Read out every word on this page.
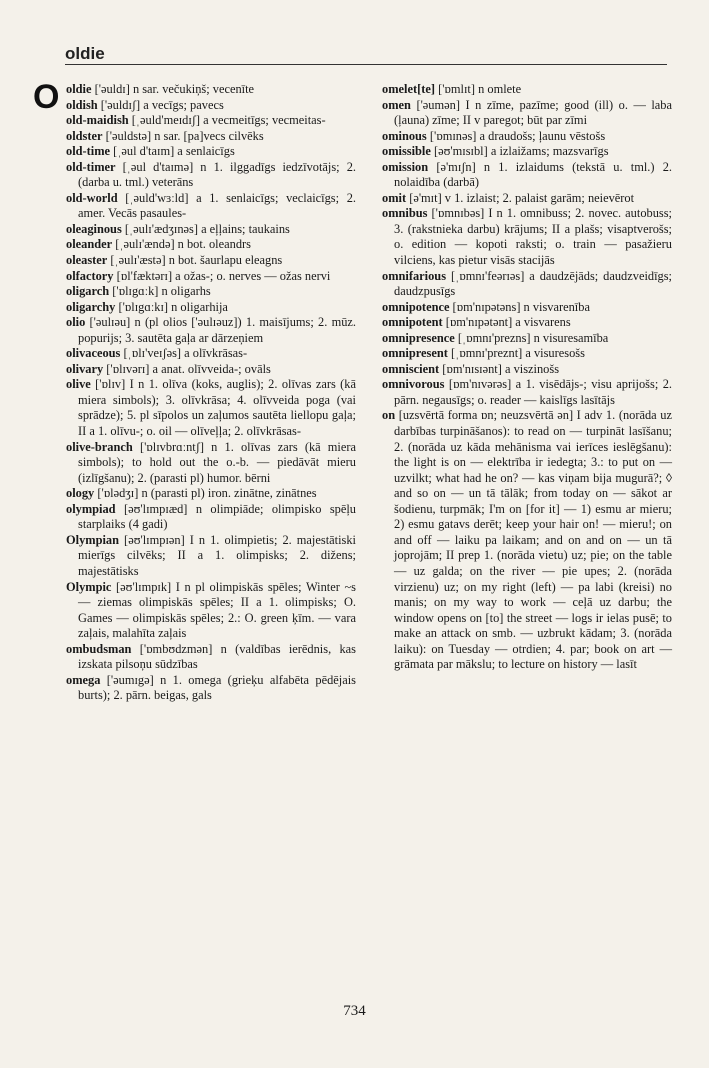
oldie
O oldie ['əuldɪ] n sar. večukiņš; vecenīte

oldish ['əuldɪʃ] a vecīgs; pavecs

old-maidish [ˌəuld'meɪdɪʃ] a vecmeitīgs; vecmeitas-

oldster ['əuldstə] n sar. [pa]vecs cilvēks

old-time [ˌəul d'taɪm] a senlaicīgs

old-timer [ˌəul d'taɪmə] n 1. ilggadīgs iedzīvotājs; 2. (darba u. tml.) veterāns

old-world [ˌəuld'wɜːld] a 1. senlaicīgs; veclaicīgs; 2. amer. Vecās pasaules-

oleaginous [ˌəulɪ'ædʒɪnəs] a eļļains; taukains

oleander [ˌəulɪ'ændə] n bot. oleandrs

oleaster [ˌəulɪ'æstə] n bot. šaurlapu eleagns

olfactory [ɒl'fæktərɪ] a ožas-; o. nerves — ožas nervi

oligarch ['ɒlɪgɑːk] n oligarhs

oligarchy ['ɒlɪgɑːkɪ] n oligarhija

olio ['əulɪəu] n (pl olios ['əulɪəuz]) 1. maisījums; 2. mūz. popurijs; 3. sautēta gaļa ar dārzeņiem

olivaceous [ˌɒlɪ'veɪʃəs] a olīvkrāsas-

olivary ['ɒlɪvərɪ] a anat. olīvveida-; ovāls

olive ['ɒlɪv] I n 1. olīva (koks, auglis); 2. olīvas zars (kā miera simbols); 3. olīvkrāsa; 4. olīvveida poga (vai sprādze); 5. pl sīpolos un zaļumos sautēta liellopu gaļa; II a 1. olīvu-; o. oil — olīveļļa; 2. olīvkrāsas-

olive-branch ['ɒlɪvbrɑːntʃ] n 1. olīvas zars (kā miera simbols); to hold out the o.-b. — piedāvāt mieru (izlīgšanu); 2. (parasti pl) humor. bērni

ology ['ɒlədʒɪ] n (parasti pl) iron. zinātne, zinātnes

olympiad [əʊ'lɪmpɪæd] n olimpiāde; olimpisko spēļu starplaiks (4 gadi)

Olympian [əʊ'lɪmpɪən] I n 1. olimpietis; 2. majestātiski mierīgs cilvēks; II a 1. olimpisks; 2. dižens; majestātisks

Olympic [əʊ'lɪmpɪk] I n pl olimpiskās spēles; Winter ~s — ziemas olimpiskās spēles; II a 1. olimpisks; O. Games — olimpiskās spēles; 2.: O. green ķīm. — vara zaļais, malahīta zaļais

ombudsman ['ɒmbʊdzmən] n (valdības ierēdnis, kas izskata pilsoņu sūdzības

omega ['əumɪgə] n 1. omega (grieķu alfabēta pēdējais burts); 2. pārn. beigas, gals

omelet[te] ['ɒmlɪt] n omlete

omen ['əumən] I n zīme, pazīme; good (ill) o. — laba (ļauna) zīme; II v paregot; būt par zīmi

ominous ['ɒmɪnəs] a draudošs; ļaunu vēstošs

omissible [əʊ'mɪsɪbl] a izlaižams; mazsvarīgs

omission [ə'mɪʃn] n 1. izlaidums (tekstā u. tml.) 2. nolaidība (darbā)

omit [ə'mɪt] v 1. izlaist; 2. palaist garām; neievērot

omnibus ['ɒmnɪbəs] I n 1. omnibuss; 2. novec. autobuss; 3. (rakstnieka darbu) krājums; II a plašs; visaptverošs; o. edition — kopoti raksti; o. train — pasažieru vilciens, kas pietur visās stacijās

omnifarious [ˌɒmnɪ'feərɪəs] a daudzējāds; daudzveidīgs; daudzpusīgs

omnipotence [ɒm'nɪpətəns] n visvarenība

omnipotent [ɒm'nɪpətənt] a visvarens

omnipresence [ˌɒmnɪ'prezns] n visuresamība

omnipresent [ˌɒmnɪ'preznt] a visuresošs

omniscient [ɒm'nɪsɪənt] a viszinošs

omnivorous [ɒm'nɪvərəs] a 1. visēdājs-; visu aprijošs; 2. pārn. negausīgs; o. reader — kaislīgs lasītājs

on [uzsvērtā forma ɒn; neuzsvērtā ən] I adv 1. (norāda uz darbības turpināšanos): to read on — turpināt lasīšanu; 2. (norāda uz kāda mehānisma vai ierīces ieslēgšanu): the light is on — elektrība ir iedegta; 3.: to put on — uzvilkt; what had he on? — kas viņam bija mugurā?; ◊ and so on — un tā tālāk; from today on — sākot ar šodienu, turpmāk; I'm on [for it] — 1) esmu ar mieru; 2) esmu gatavs derēt; keep your hair on! — mieru!; on and off — laiku pa laikam; and on and on — un tā joprojām; II prep 1. (norāda vietu) uz; pie; on the table — uz galda; on the river — pie upes; 2. (norāda virzienu) uz; on my right (left) — pa labi (kreisi) no manis; on my way to work — ceļā uz darbu; the window opens on [to] the street — logs ir ielas pusē; to make an attack on smb. — uzbrukt kādam; 3. (norāda laiku): on Tuesday — otrdien; 4. par; book on art — grāmata par mākslu; to lecture on history — lasīt

734
